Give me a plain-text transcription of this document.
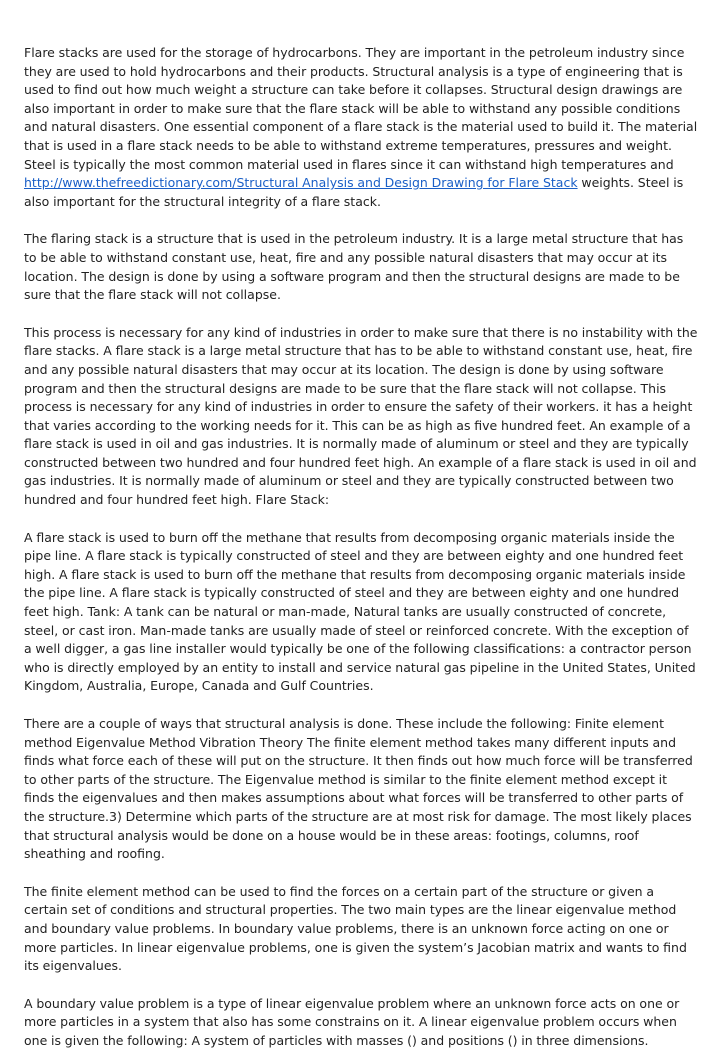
Flare stacks are used for the storage of hydrocarbons. They are important in the petroleum industry since they are used to hold hydrocarbons and their products. Structural analysis is a type of engineering that is used to find out how much weight a structure can take before it collapses. Structural design drawings are also important in order to make sure that the flare stack will be able to withstand any possible conditions and natural disasters. One essential component of a flare stack is the material used to build it. The material that is used in a flare stack needs to be able to withstand extreme temperatures, pressures and weight. Steel is typically the most common material used in flares since it can withstand high temperatures and http://www.thefreedictionary.com/Structural Analysis and Design Drawing for Flare Stack weights. Steel is also important for the structural integrity of a flare stack.

The flaring stack is a structure that is used in the petroleum industry. It is a large metal structure that has to be able to withstand constant use, heat, fire and any possible natural disasters that may occur at its location. The design is done by using a software program and then the structural designs are made to be sure that the flare stack will not collapse.

This process is necessary for any kind of industries in order to make sure that there is no instability with the flare stacks. A flare stack is a large metal structure that has to be able to withstand constant use, heat, fire and any possible natural disasters that may occur at its location. The design is done by using software program and then the structural designs are made to be sure that the flare stack will not collapse. This process is necessary for any kind of industries in order to ensure the safety of their workers. it has a height that varies according to the working needs for it. This can be as high as five hundred feet. An example of a flare stack is used in oil and gas industries. It is normally made of aluminum or steel and they are typically constructed between two hundred and four hundred feet high. An example of a flare stack is used in oil and gas industries. It is normally made of aluminum or steel and they are typically constructed between two hundred and four hundred feet high. Flare Stack:

A flare stack is used to burn off the methane that results from decomposing organic materials inside the pipe line. A flare stack is typically constructed of steel and they are between eighty and one hundred feet high. A flare stack is used to burn off the methane that results from decomposing organic materials inside the pipe line. A flare stack is typically constructed of steel and they are between eighty and one hundred feet high. Tank: A tank can be natural or man-made, Natural tanks are usually constructed of concrete, steel, or cast iron. Man-made tanks are usually made of steel or reinforced concrete. With the exception of a well digger, a gas line installer would typically be one of the following classifications: a contractor person who is directly employed by an entity to install and service natural gas pipeline in the United States, United Kingdom, Australia, Europe, Canada and Gulf Countries.

There are a couple of ways that structural analysis is done. These include the following: Finite element method Eigenvalue Method Vibration Theory The finite element method takes many different inputs and finds what force each of these will put on the structure. It then finds out how much force will be transferred to other parts of the structure. The Eigenvalue method is similar to the finite element method except it finds the eigenvalues and then makes assumptions about what forces will be transferred to other parts of the structure.3) Determine which parts of the structure are at most risk for damage. The most likely places that structural analysis would be done on a house would be in these areas: footings, columns, roof sheathing and roofing.

The finite element method can be used to find the forces on a certain part of the structure or given a certain set of conditions and structural properties. The two main types are the linear eigenvalue method and boundary value problems. In boundary value problems, there is an unknown force acting on one or more particles. In linear eigenvalue problems, one is given the system’s Jacobian matrix and wants to find its eigenvalues.

A boundary value problem is a type of linear eigenvalue problem where an unknown force acts on one or more particles in a system that also has some constrains on it. A linear eigenvalue problem occurs when one is given the following: A system of particles with masses () and positions () in three dimensions.
